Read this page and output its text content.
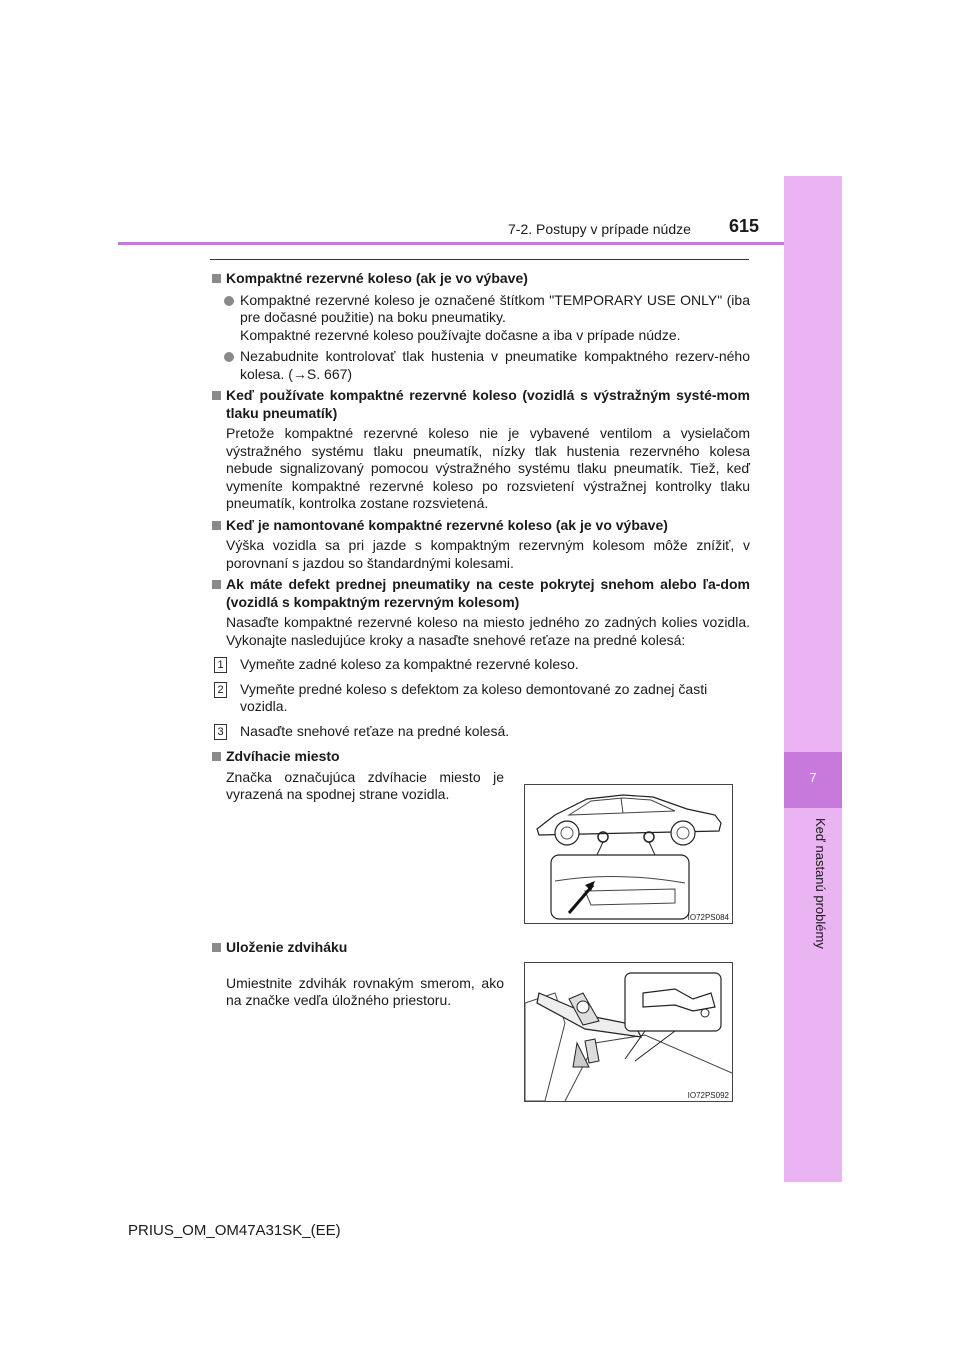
7
Keď nastanú problémy
7-2. Postupy v prípade núdze 615
Kompaktné rezervné koleso (ak je vo výbave)
Kompaktné rezervné koleso je označené štítkom "TEMPORARY USE ONLY" (iba pre dočasné použitie) na boku pneumatiky.
Kompaktné rezervné koleso používajte dočasne a iba v prípade núdze.
Nezabudnite kontrolovať tlak hustenia v pneumatike kompaktného rezerv-ného kolesa. (→S. 667)
Keď používate kompaktné rezervné koleso (vozidlá s výstražným systé-mom tlaku pneumatík)
Pretože kompaktné rezervné koleso nie je vybavené ventilom a vysielačom výstražného systému tlaku pneumatík, nízky tlak hustenia rezervného kolesa nebude signalizovaný pomocou výstražného systému tlaku pneumatík. Tiež, keď vymeníte kompaktné rezervné koleso po rozsvietení výstražnej kontrolky tlaku pneumatík, kontrolka zostane rozsvietená.
Keď je namontované kompaktné rezervné koleso (ak je vo výbave)
Výška vozidla sa pri jazde s kompaktným rezervným kolesom môže znížiť, v porovnaní s jazdou so štandardnými kolesami.
Ak máte defekt prednej pneumatiky na ceste pokrytej snehom alebo ľa-dom (vozidlá s kompaktným rezervným kolesom)
Nasaďte kompaktné rezervné koleso na miesto jedného zo zadných kolies vozidla. Vykonajte nasledujúce kroky a nasaďte snehové reťaze na predné kolesá:
1 Vymeňte zadné koleso za kompaktné rezervné koleso.
2 Vymeňte predné koleso s defektom za koleso demontované zo zadnej časti vozidla.
3 Nasaďte snehové reťaze na predné kolesá.
Zdvíhacie miesto
Značka označujúca zdvíhacie miesto je vyrazená na spodnej strane vozidla.
IO72PS084
Uloženie zdviháku
Umiestnite zdvihák rovnakým smerom, ako na značke vedľa úložného priestoru.
IO72PS092
PRIUS_OM_OM47A31SK_(EE)
